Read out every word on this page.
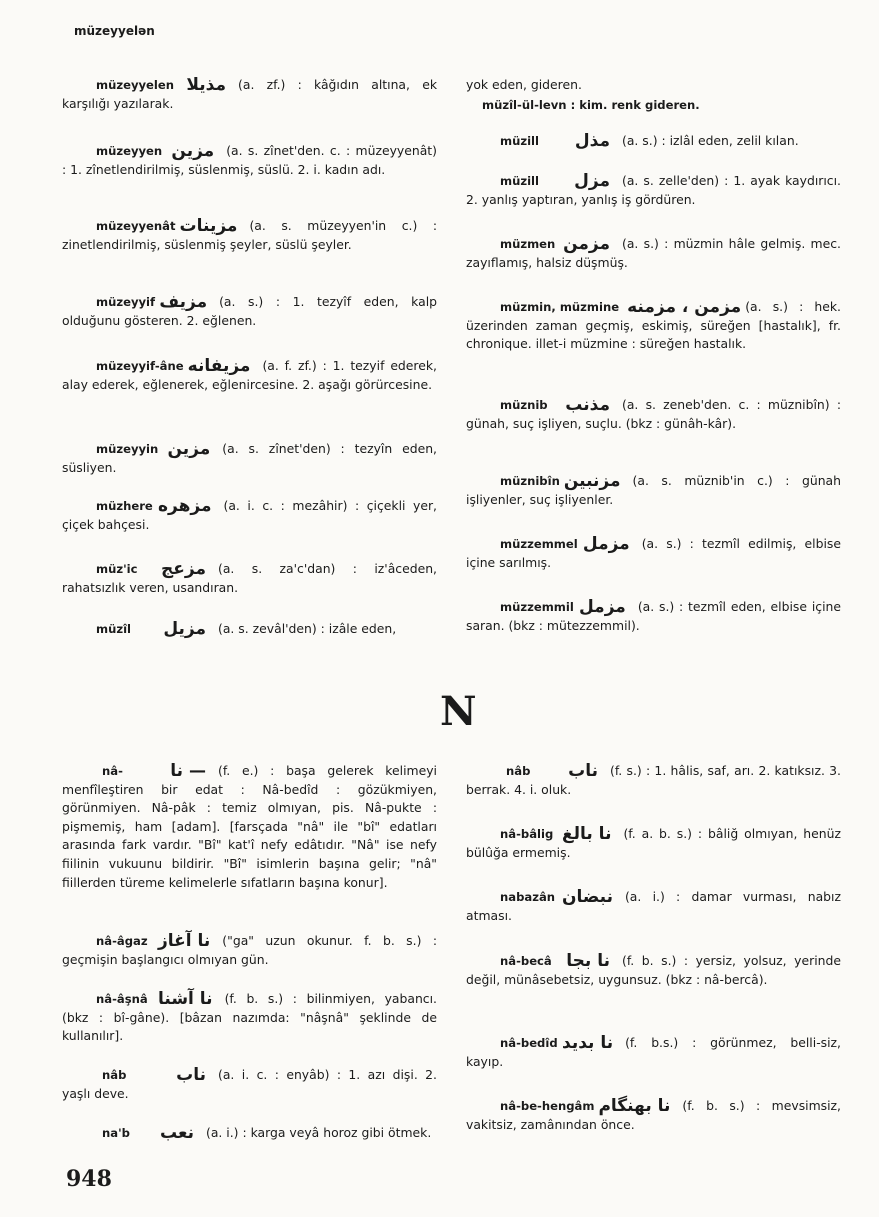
müzeyyelən
müzeyyelen مذیلا (a. zf.) : kâğıdın altına, ek karşılığı yazılarak.
müzeyyen مزین (a. s. zînet'den. c. : müzeyyenât) : 1. zînetlendirilmiş, süslenmiş, süslü. 2. i. kadın adı.
müzeyyenât مزینات (a. s. müzeyyen'in c.) : zinetlendirilmiş, süslenmiş şeyler, süslü şeyler.
müzeyyif مزیف (a. s.) : 1. tezyîf eden, kalp olduğunu gösteren. 2. eğlenen.
müzeyyif-âne مزیفانه (a. f. zf.) : 1. tezyif ederek, alay ederek, eğlenerek, eğlenircesine. 2. aşağı görürcesine.
müzeyyin مزین (a. s. zînet'den) : tezyîn eden, süsliyen.
müzhere مزهره (a. i. c. : mezâhir) : çiçekli yer, çiçek bahçesi.
müz'ic مزعج (a. s. za'c'dan) : iz'âceden, rahatsızlık veren, usandıran.
müzîl مزیل (a. s. zevâl'den) : izâle eden,
yok eden, gideren.
müzîl-ül-levn : kim. renk gideren.
müzill مذل (a. s.) : izlâl eden, zelil kılan.
müzill مزل (a. s. zelle'den) : 1. ayak kaydırıcı. 2. yanlış yaptıran, yanlış iş gördüren.
müzmen مزمن (a. s.) : müzmin hâle gelmiş. mec. zayıflamış, halsiz düşmüş.
müzmin, müzmine مزمن ، مزمنه (a. s.) : hek. üzerinden zaman geçmiş, eskimiş, süreğen [hastalık], fr. chronique. illet-i müzmine : süreğen hastalık.
müznib مذنب (a. s. zeneb'den. c. : müznibîn) : günah, suç işliyen, suçlu. (bkz : günâh-kâr).
müznibîn مزنبین (a. s. müznib'in c.) : günah işliyenler, suç işliyenler.
müzzemmel مزمل (a. s.) : tezmîl edilmiş, elbise içine sarılmış.
müzzemmil مزمل (a. s.) : tezmîl eden, elbise içine saran. (bkz : mütezzemmil).
N
nâ-	نا — (f. e.) : başa gelerek kelimeyi menfîleştiren bir edat : Nâ-bedîd : gözükmiyen, görünmiyen. Nâ-pâk : temiz olmıyan, pis. Nâ-pukte : pişmemiş, ham [adam]. [farsçada "nâ" ile "bî" edatları arasında fark vardır. "Bî" kat'î nefy edâtıdır. "Nâ" ise nefy fiilinin vukuunu bildirir. "Bî" isimlerin başına gelir; "nâ" fiillerden türeme kelimelerle sıfatların başına konur].
nâ-âgaz نا آغاز ("ga" uzun okunur. f. b. s.) : geçmişin başlangıcı olmıyan gün.
nâ-âşnâ نا آشنا (f. b. s.) : bilinmiyen, yabancı. (bkz : bî-gâne). [bâzan nazımda: "nâşnâ" şeklinde de kullanılır].
nâb	ناب (a. i. c. : enyâb) : 1. azı dişi. 2. yaşlı deve.
na'b نعب (a. i.) : karga veyâ horoz gibi ötmek.
nâb ناب (f. s.) : 1. hâlis, saf, arı. 2. katıksız. 3. berrak. 4. i. oluk.
nâ-bâlig نا بالغ (f. a. b. s.) : bâliğ olmıyan, henüz bülûğa ermemiş.
nabazân نبضان (a. i.) : damar vurması, nabız atması.
nâ-becâ نا بجا (f. b. s.) : yersiz, yolsuz, yerinde değil, münâsebetsiz, uygunsuz. (bkz : nâ-bercâ).
nâ-bedîd نا بدید (f. b.s.) : görünmez, belli-siz, kayıp.
nâ-be-hengâm نا بهنگام (f. b. s.) : mevsimsiz, vakitsiz, zamânından önce.
948
